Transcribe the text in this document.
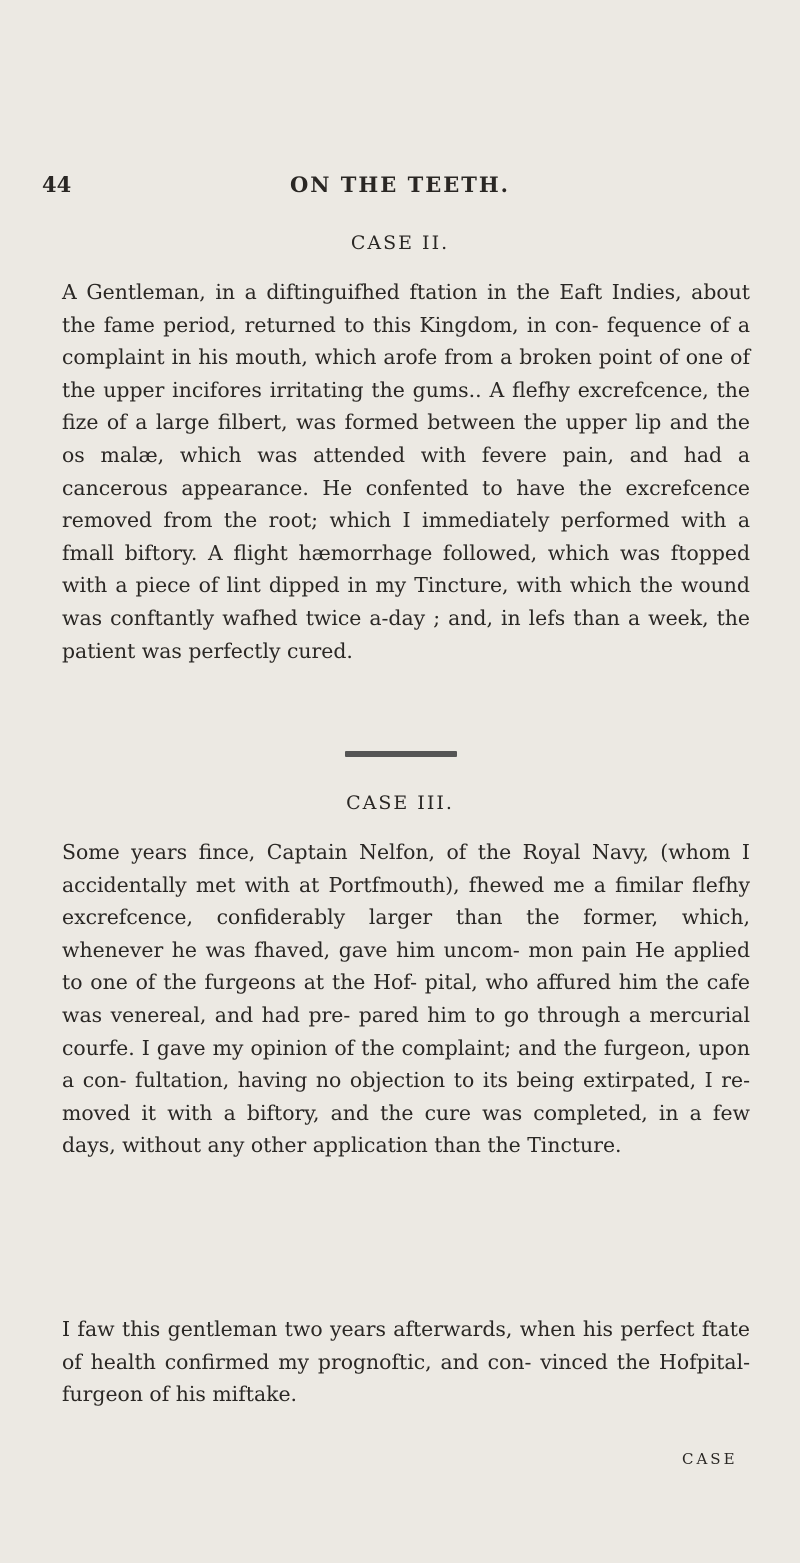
44	ON THE TEETH.
CASE II.

A Gentleman, in a diftinguifhed ftation in the Eaft Indies, about the fame period, returned to this Kingdom, in con- fequence of a complaint in his mouth, which arofe from a broken point of one of the upper incifores irritating the gums.. A flefhy excrefcence, the fize of a large filbert, was formed between the upper lip and the os malæ, which was attended with fevere pain, and had a cancerous appearance. He confented to have the excrefcence removed from the root; which I immediately performed with a fmall biftory. A flight hæmorrhage followed, which was ftopped with a piece of lint dipped in my Tincture, with which the wound was conftantly wafhed twice a-day ; and, in lefs than a week, the patient was perfectly cured.

CASE III.

Some years fince, Captain Nelfon, of the Royal Navy, (whom I accidentally met with at Portfmouth), fhewed me a fimilar flefhy excrefcence, confiderably larger than the former, which, whenever he was fhaved, gave him uncom- mon pain He applied to one of the furgeons at the Hof- pital, who affured him the cafe was venereal, and had pre- pared him to go through a mercurial courfe. I gave my opinion of the complaint; and the furgeon, upon a con- fultation, having no objection to its being extirpated, I re- moved it with a biftory, and the cure was completed, in a few days, without any other application than the Tincture.

I faw this gentleman two years afterwards, when his perfect ftate of health confirmed my prognoftic, and con- vinced the Hofpital-furgeon of his miftake.

CASE
